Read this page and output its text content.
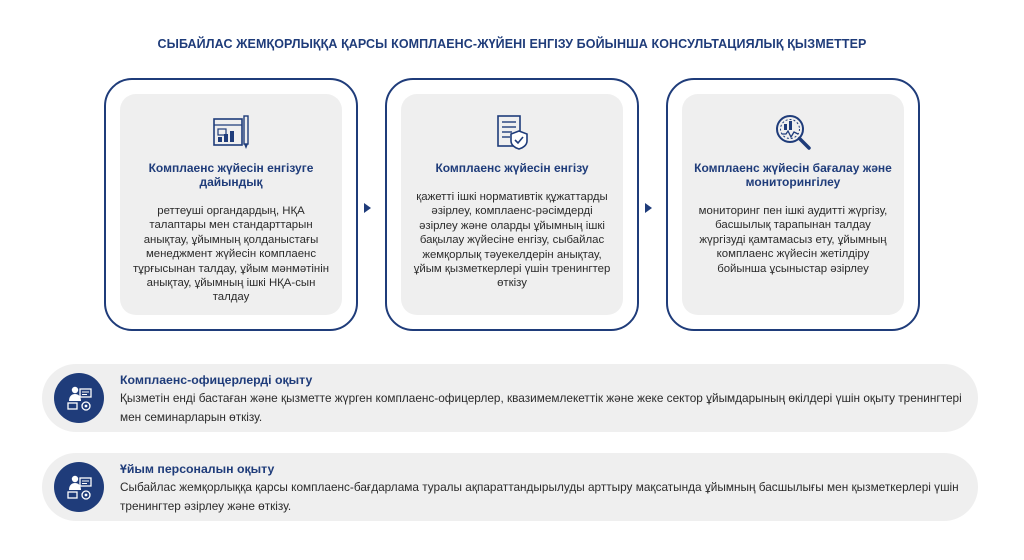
СЫБАЙЛАС ЖЕМҚОРЛЫҚҚА ҚАРСЫ КОМПЛАЕНС-ЖҮЙЕНІ ЕНГІЗУ БОЙЫНША КОНСУЛЬТАЦИЯЛЫҚ ҚЫЗМЕТТЕР
Комплаенс жүйесін енгізуге дайындық
реттеуші органдардың, НҚА талаптары мен стандарттарын анықтау, ұйымның қолданыстағы менеджмент жүйесін комплаенс тұрғысынан талдау, ұйым мәнмәтінін анықтау, ұйымның ішкі НҚА-сын талдау
Комплаенс жүйесін енгізу
қажетті ішкі нормативтік құжаттарды әзірлеу, комплаенс-рәсімдерді әзірлеу және оларды ұйымның ішкі бақылау жүйесіне енгізу, сыбайлас жемқорлық тәуекелдерін анықтау, ұйым қызметкерлері үшін тренингтер өткізу
Комплаенс жүйесін бағалау және мониторингілеу
мониторинг пен ішкі аудитті жүргізу, басшылық тарапынан талдау жүргізуді қамтамасыз ету, ұйымның комплаенс жүйесін жетілдіру бойынша ұсыныстар әзірлеу
Комплаенс-офицерлерді оқыту
Қызметін енді бастаған және қызметте жүрген комплаенс-офицерлер, квазимемлекеттік және жеке сектор ұйымдарының өкілдері үшін оқыту тренингтері мен семинарларын өткізу.
Ұйым персоналын оқыту
Сыбайлас жемқорлыққа қарсы комплаенс-бағдарлама туралы ақпараттандырылуды арттыру мақсатында ұйымның басшылығы мен қызметкерлері үшін тренингтер әзірлеу және өткізу.
